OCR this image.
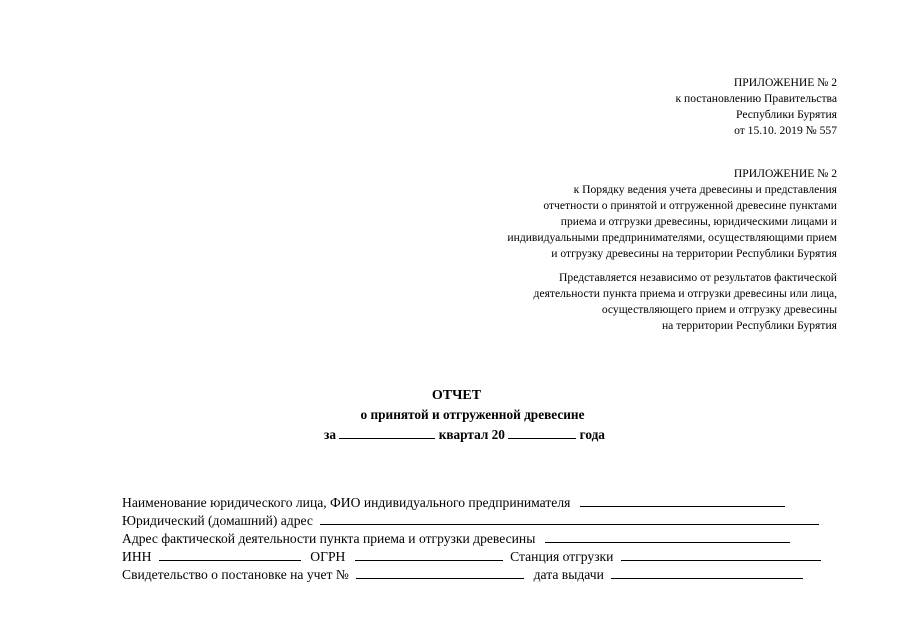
ПРИЛОЖЕНИЕ № 2
к постановлению Правительства
Республики Бурятия
от 15.10. 2019 № 557
ПРИЛОЖЕНИЕ № 2
к Порядку ведения учета древесины и представления
отчетности о принятой и отгруженной древесине пунктами
приема и отгрузки древесины, юридическими лицами и
индивидуальными предпринимателями, осуществляющими прием
и отгрузку древесины на территории Республики Бурятия
Представляется независимо от результатов фактической
деятельности пункта приема и отгрузки древесины или лица,
осуществляющего прием и отгрузку древесины
на территории Республики Бурятия
ОТЧЕТ
о принятой и отгруженной древесине
за	квартал 20	года
Наименование юридического лица, ФИО индивидуального предпринимателя
Юридический (домашний) адрес
Адрес фактической деятельности пункта приема и отгрузки древесины
ИНН	ОГРН	Станция отгрузки
Свидетельство о постановке на учет №	дата выдачи
